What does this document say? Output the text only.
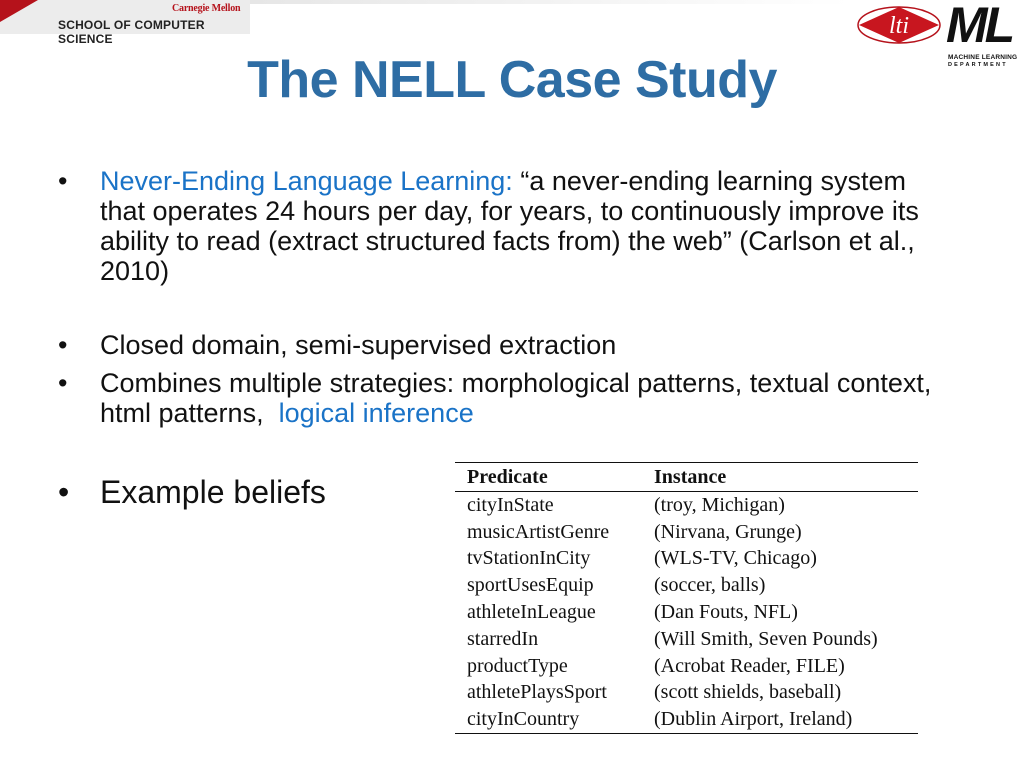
Carnegie Mellon
SCHOOL OF COMPUTER SCIENCE	lti ML
MACHINE LEARNING
DEPARTMENT
The NELL Case Study
• Never-Ending Language Learning: “a never-ending learning system that operates 24 hours per day, for years, to continuously improve its ability to read (extract structured facts from) the web” (Carlson et al., 2010)
• Closed domain, semi-supervised extraction
• Combines multiple strategies: morphological patterns, textual context, html patterns, logical inference
• Example beliefs	Predicate	Instance
cityInState	(troy, Michigan)
musicArtistGenre	(Nirvana, Grunge)
tvStationInCity	(WLS-TV, Chicago)
sportUsesEquip	(soccer, balls)
athleteInLeague	(Dan Fouts, NFL)
starredIn	(Will Smith, Seven Pounds)
productType	(Acrobat Reader, FILE)
athletePlaysSport	(scott shields, baseball)
cityInCountry	(Dublin Airport, Ireland)
